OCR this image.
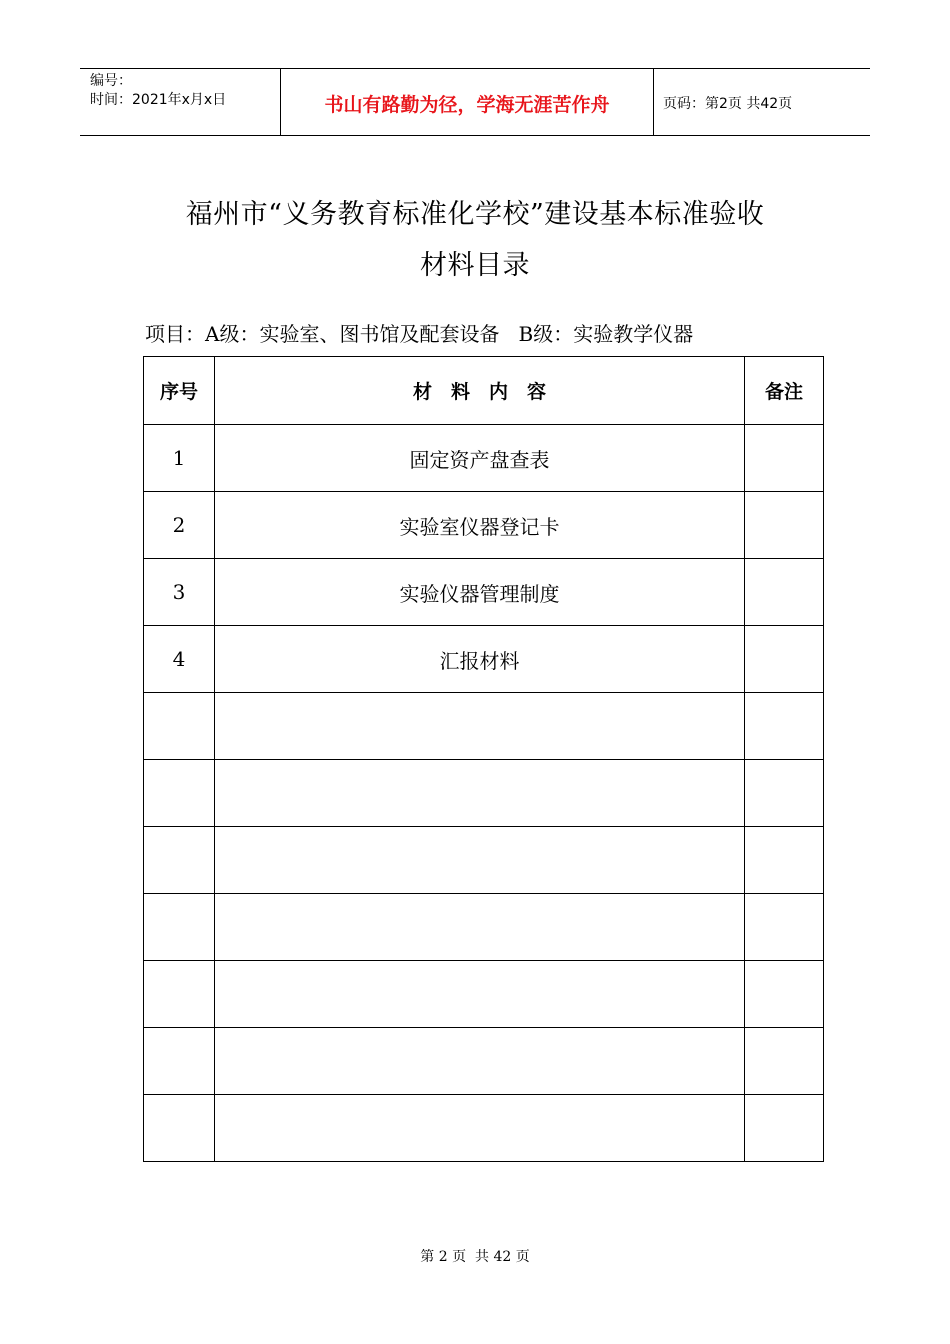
编号：
时间：2021年x月x日	书山有路勤为径，学海无涯苦作舟	页码：第2页 共42页
福州市“义务教育标准化学校”建设基本标准验收
材料目录
项目：A级：实验室、图书馆及配套设备   B级：实验教学仪器
序号	材　料　内　容	备注
1	固定资产盘查表	
2	实验室仪器登记卡	
3	实验仪器管理制度	
4	汇报材料	

第 2 页  共 42 页
